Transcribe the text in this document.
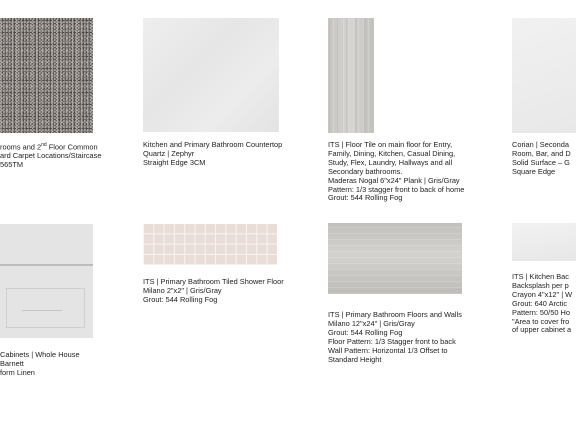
rooms and 2nd Floor Common
ard Carpet Locations/Staircase
565TM
Kitchen and Primary Bathroom Countertop
Quartz | Zephyr
Straight Edge 3CM
ITS | Floor Tile on main floor for Entry,
Family, Dining, Kitchen, Casual Dining,
Study, Flex, Laundry, Hallways and all
Secondary bathrooms.
Maderas Nogal 6"x24" Plank | Gris/Gray
Pattern: 1/3 stagger front to back of home
Grout: 544 Rolling Fog
Corian | Seconda
Room, Bar, and D
Solid Surface – G
Square Edge
Cabinets | Whole House
Barnett
form Linen
ITS | Primary Bathroom Tiled Shower Floor
Milano 2"x2" | Gris/Gray
Grout: 544 Rolling Fog
ITS | Primary Bathroom Floors and Walls
Milano 12"x24" | Gris/Gray
Grout: 544 Rolling Fog
Floor Pattern: 1/3 Stagger front to back
Wall Pattern: Horizontal 1/3 Offset to
Standard Height
ITS | Kitchen Bac
Backsplash per p
Crayon 4"x12" | W
Grout: 640 Arctic
Pattern: 50/50 Ho
"Area to cover fro
of upper cabinet a
